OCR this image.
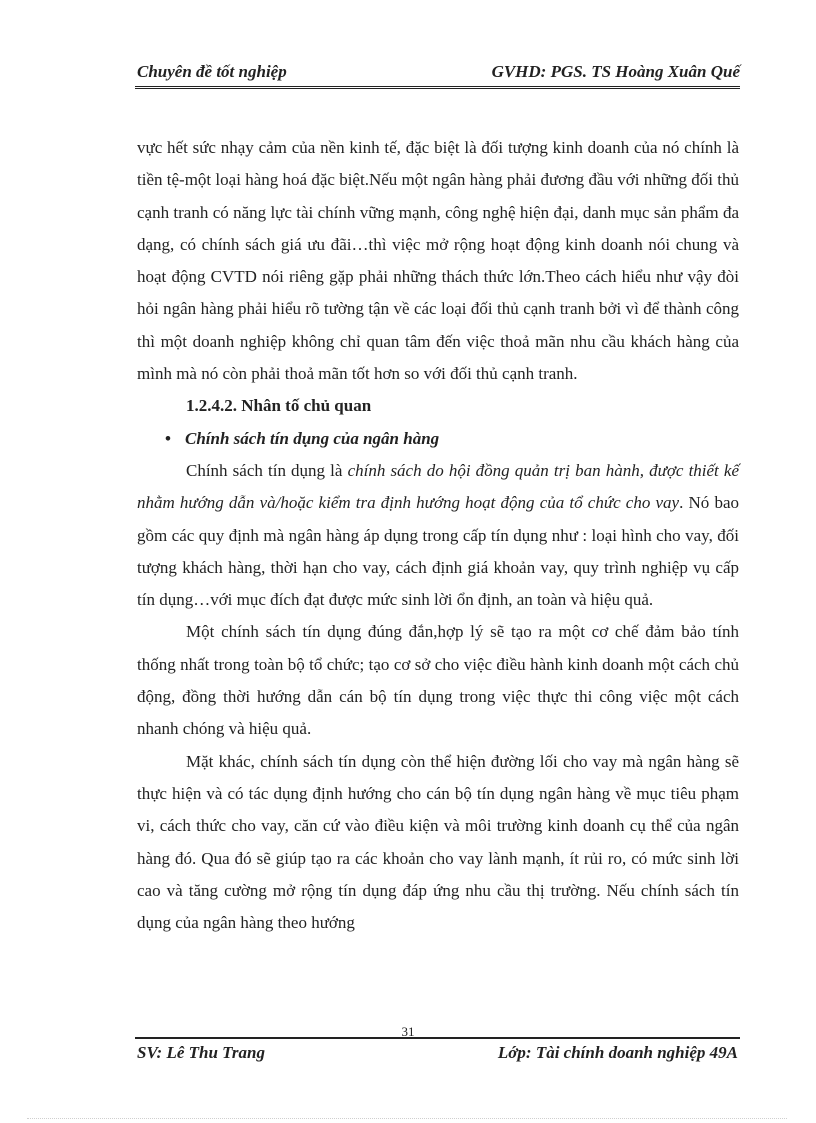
Chuyên đề tốt nghiệp	GVHD: PGS. TS Hoàng Xuân Quế

vực hết sức nhạy cảm của nền kinh tế, đặc biệt là đối tượng kinh doanh của nó chính là tiền tệ-một loại hàng hoá đặc biệt.Nếu một ngân hàng phải đương đầu với những đối thủ cạnh tranh có năng lực tài chính vững mạnh, công nghệ hiện đại, danh mục sản phẩm đa dạng, có chính sách giá ưu đãi…thì việc mở rộng hoạt động kinh doanh nói chung và hoạt động CVTD nói riêng gặp phải những thách thức lớn.Theo cách hiểu như vậy đòi hỏi ngân hàng phải hiểu rõ tường tận về các loại đối thủ cạnh tranh bởi vì để thành công thì một doanh nghiệp không chỉ quan tâm đến việc thoả mãn nhu cầu khách hàng của mình mà nó còn phải thoả mãn tốt hơn so với đối thủ cạnh tranh.

1.2.4.2. Nhân tố chủ quan

• Chính sách tín dụng của ngân hàng

Chính sách tín dụng là chính sách do hội đồng quản trị ban hành, được thiết kế nhằm hướng dẫn và/hoặc kiểm tra định hướng hoạt động của tổ chức cho vay. Nó bao gồm các quy định mà ngân hàng áp dụng trong cấp tín dụng như : loại hình cho vay, đối tượng khách hàng, thời hạn cho vay, cách định giá khoản vay, quy trình nghiệp vụ cấp tín dụng…với mục đích đạt được mức sinh lời ổn định, an toàn và hiệu quả.

Một chính sách tín dụng đúng đắn,hợp lý sẽ tạo ra một cơ chế đảm bảo tính thống nhất trong toàn bộ tổ chức; tạo cơ sở cho việc điều hành kinh doanh một cách chủ động, đồng thời hướng dẫn cán bộ tín dụng trong việc thực thi công việc một cách nhanh chóng và hiệu quả.

Mặt khác, chính sách tín dụng còn thể hiện đường lối cho vay mà ngân hàng sẽ thực hiện và có tác dụng định hướng cho cán bộ tín dụng ngân hàng về mục tiêu phạm vi, cách thức cho vay, căn cứ vào điều kiện và môi trường kinh doanh cụ thể của ngân hàng đó. Qua đó sẽ giúp tạo ra các khoản cho vay lành mạnh, ít rủi ro, có mức sinh lời cao và tăng cường mở rộng tín dụng đáp ứng nhu cầu thị trường. Nếu chính sách tín dụng của ngân hàng theo hướng

31
SV: Lê Thu Trang	Lớp: Tài chính doanh nghiệp 49A
